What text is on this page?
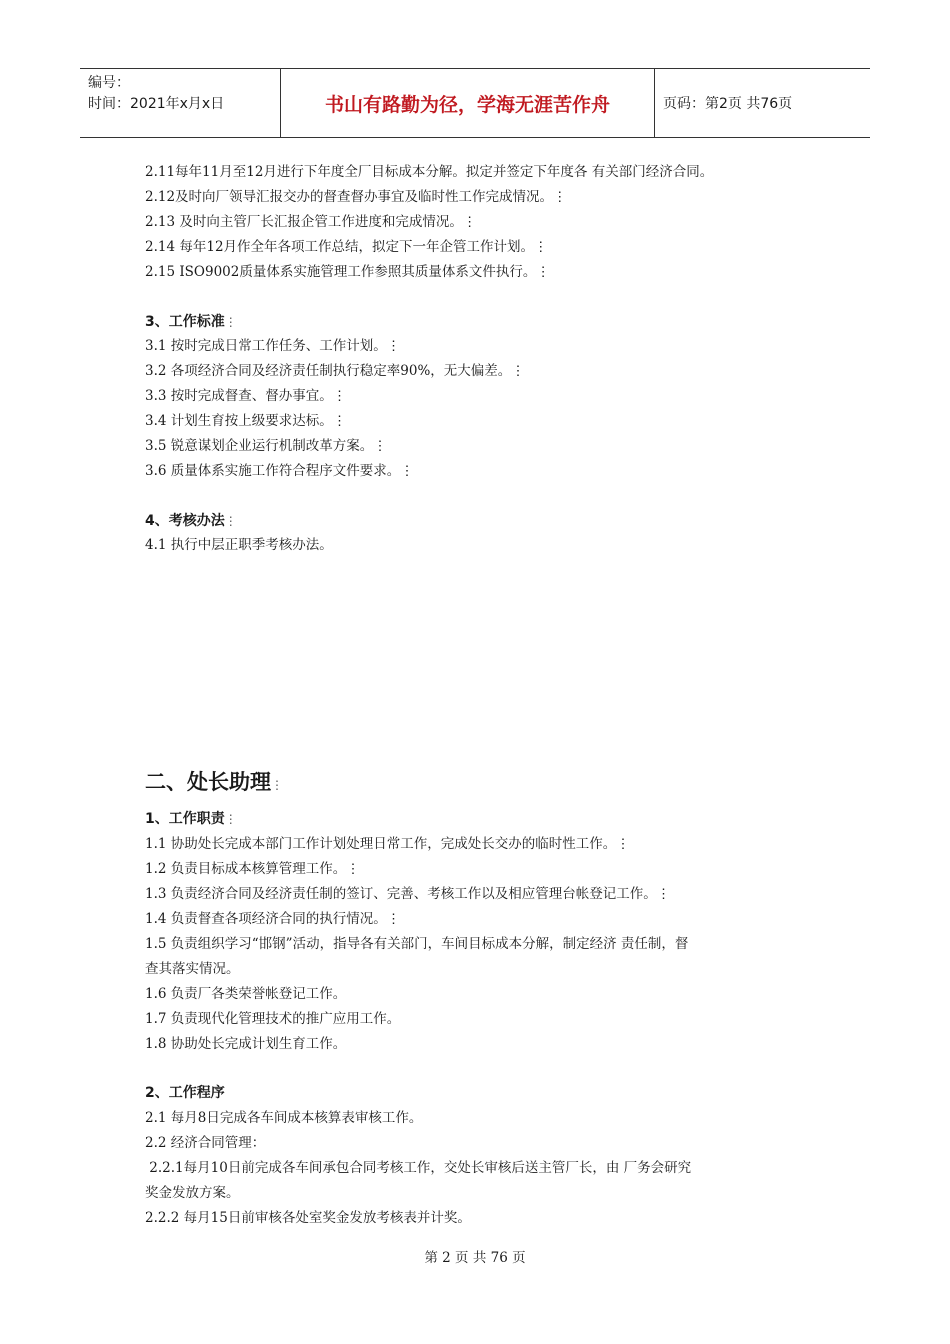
编号：
时间：2021年x月x日	书山有路勤为径，学海无涯苦作舟	页码：第2页 共76页
2.11每年11月至12月进行下年度全厂目标成本分解。拟定并签定下年度各 有关部门经济合同。
2.12及时向厂领导汇报交办的督查督办事宜及临时性工作完成情况。⋮
2.13 及时向主管厂长汇报企管工作进度和完成情况。⋮
2.14 每年12月作全年各项工作总结，拟定下一年企管工作计划。⋮
2.15 ISO9002质量体系实施管理工作参照其质量体系文件执行。⋮
3、工作标准⋮
3.1 按时完成日常工作任务、工作计划。⋮
3.2 各项经济合同及经济责任制执行稳定率90%，无大偏差。⋮
3.3 按时完成督查、督办事宜。⋮
3.4 计划生育按上级要求达标。⋮
3.5 锐意谋划企业运行机制改革方案。⋮
3.6 质量体系实施工作符合程序文件要求。⋮
4、考核办法⋮
4.1 执行中层正职季考核办法。
二、处长助理⋮
1、工作职责⋮
1.1 协助处长完成本部门工作计划处理日常工作，完成处长交办的临时性工作。⋮
1.2 负责目标成本核算管理工作。⋮
1.3 负责经济合同及经济责任制的签订、完善、考核工作以及相应管理台帐登记工作。⋮
1.4 负责督查各项经济合同的执行情况。⋮
1.5 负责组织学习“邯钢”活动，指导各有关部门，车间目标成本分解，制定经济 责任制，督
查其落实情况。
1.6 负责厂各类荣誉帐登记工作。
1.7 负责现代化管理技术的推广应用工作。
1.8 协助处长完成计划生育工作。
2、工作程序
2.1 每月8日完成各车间成本核算表审核工作。
2.2 经济合同管理：
2.2.1每月10日前完成各车间承包合同考核工作，交处长审核后送主管厂长，由 厂务会研究
奖金发放方案。
2.2.2 每月15日前审核各处室奖金发放考核表并计奖。
第 2 页 共 76 页
